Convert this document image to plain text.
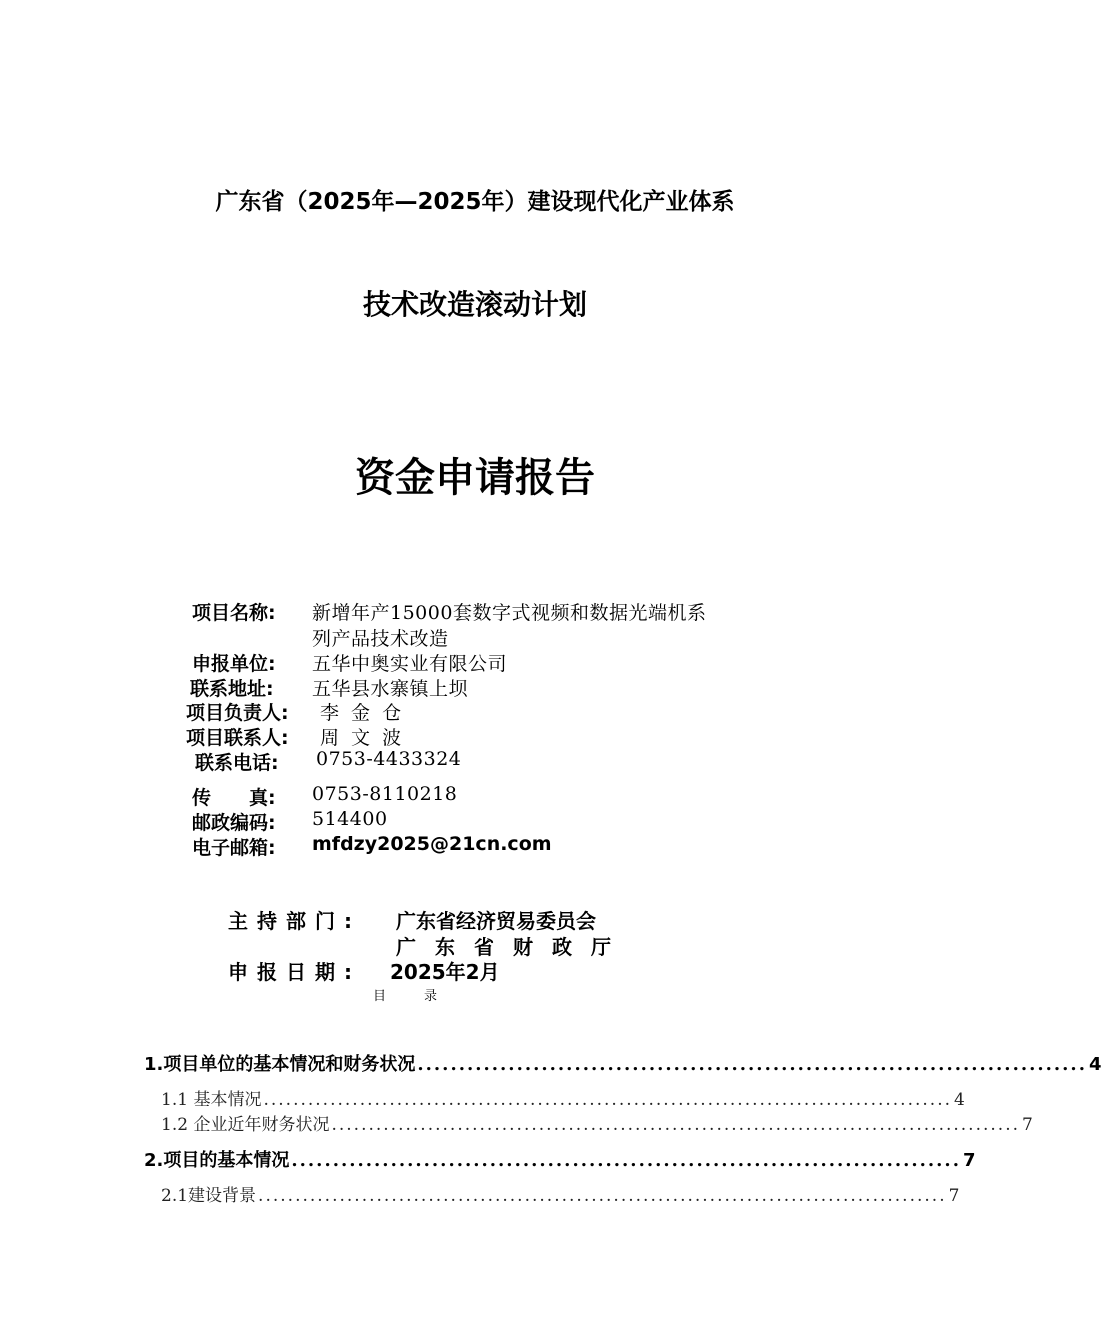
广东省（2025年—2025年）建设现代化产业体系
技术改造滚动计划
资金申请报告
项目名称: 新增年产15000套数字式视频和数据光端机系
列产品技术改造
申报单位: 五华中奥实业有限公司
联系地址: 五华县水寨镇上坝
项目负责人: 李 金 仓
项目联系人: 周 文 波
联系电话: 0753-4433324
传　　真: 0753-8110218
邮政编码: 514400
电子邮箱: mfdzy2025@21cn.com
主持部门: 广东省经济贸易委员会
广东省财政厅
申报日期: 2025年2月
目录
1.项目单位的基本情况和财务状况 ................................................................................. 4
1.1 基本情况 ............................................................................................. 4
1.2 企业近年财务状况 ............................................................................................. 7
2.项目的基本情况 ................................................................................. 7
2.1建设背景 ............................................................................................. 7
